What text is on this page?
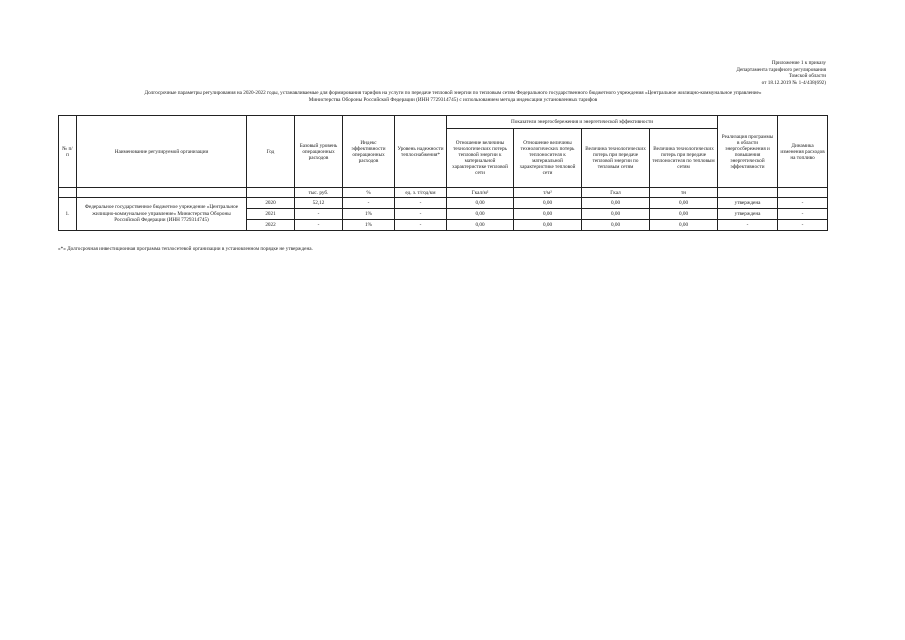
Приложение 1 к приказу
Департамента тарифного регулирования
Томской области
от 18.12.2019 № 1-4/438(692)
Долгосрочные параметры регулирования на 2020-2022 годы, устанавливаемые для формирования тарифов на услуги по передаче тепловой энергии по тепловым сетям Федерального государственного бюджетного учреждения «Центральное жилищно-коммунальное управление»
Министерства Обороны Российской Федерации (ИНН 7729314745) с использованием метода индексации установленных тарифов
№ п/п	Наименование регулируемой организации	Год	Базовый уровень операционных расходов	Индекс эффективности операционных расходов	Уровень надежности теплоснабжения*	Показатели энергосбережения и энергетической эффективности				Реализация программы в области энергосбережения и повышения энергетической эффективности	Динамика изменения расходов на топливо
						Отношение величины технологических потерь тепловой энергии к материальной характеристике тепловой сети	Отношение величины технологических потерь теплоносителя к материальной характеристике тепловой сети	Величина технологических потерь при передаче тепловой энергии по тепловым сетям	Величина технологических потерь при передаче теплоносителя по тепловым сетям		
			тыс. руб.	%	ед. з. т/год/км	Гкал/м²	т/м²	Гкал	тн		
1.	Федеральное государственное бюджетное учреждение «Центральное жилищно-коммунальное управление» Министерства Обороны Российской Федерации (ИНН 7729314745)	2020	52,12	-	-	0,00	0,00	0,00	0,00	утверждена	-
		2021	-	1%	-	0,00	0,00	0,00	0,00	утверждена	-
		2022	-	1%	-	0,00	0,00	0,00	0,00	-	-
«*» Долгосрочная инвестиционная программа теплосетевой организации в установленном порядке не утверждена.
